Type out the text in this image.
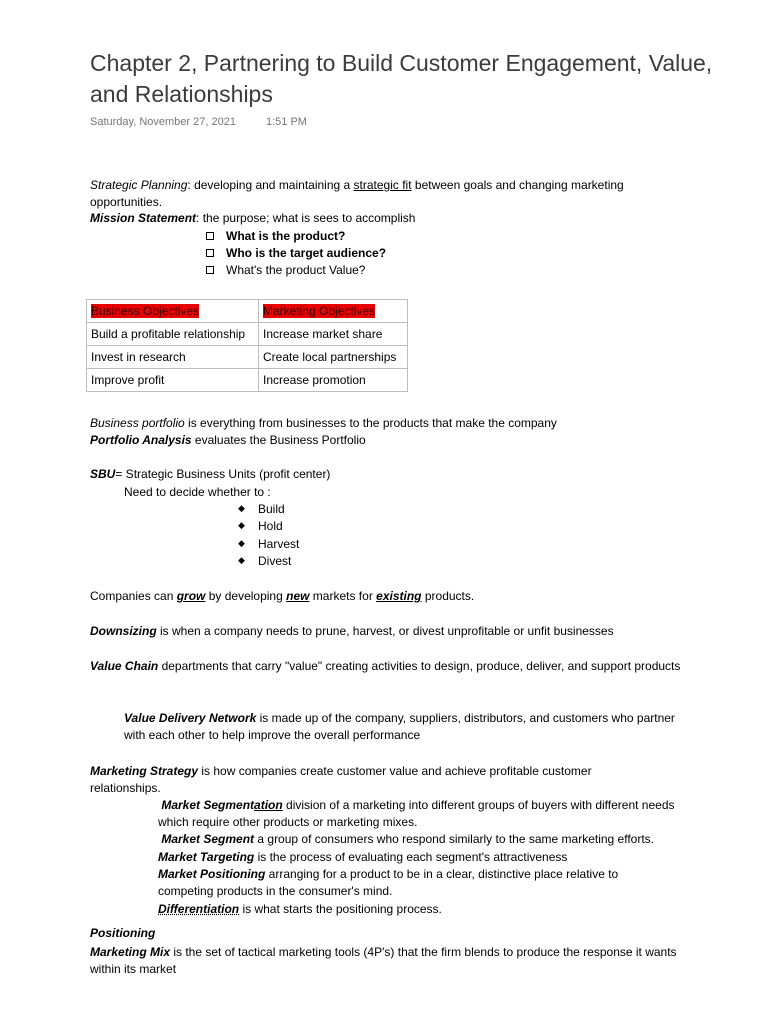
Chapter 2, Partnering to Build Customer Engagement, Value, and Relationships
Saturday, November 27, 2021	1:51 PM
Strategic Planning: developing and maintaining a strategic fit between goals and changing marketing opportunities.
Mission Statement: the purpose; what is sees to accomplish
What is the product?
Who is the target audience?
What's the product Value?
Business Objectives	Marketing Objectives
Build a profitable relationship	Increase market share
Invest in research	Create local partnerships
Improve profit	Increase promotion
Business portfolio is everything from businesses to the products that make the company
Portfolio Analysis evaluates the Business Portfolio
SBU= Strategic Business Units (profit center)
Need to decide whether to :
◆ Build
◆ Hold
◆ Harvest
◆ Divest
Companies can grow by developing new markets for existing products.
Downsizing is when a company needs to prune, harvest, or divest unprofitable or unfit businesses
Value Chain departments that carry "value" creating activities to design, produce, deliver, and support products
Value Delivery Network is made up of the company, suppliers, distributors, and customers who partner with each other to help improve the overall performance
Marketing Strategy is how companies create customer value and achieve profitable customer relationships.
Market Segmentation division of a marketing into different groups of buyers with different needs which require other products or marketing mixes.
Market Segment a group of consumers who respond similarly to the same marketing efforts.
Market Targeting is the process of evaluating each segment's attractiveness
Market Positioning arranging for a product to be in a clear, distinctive place relative to competing products in the consumer's mind.
Differentiation is what starts the positioning process.
Positioning
Marketing Mix is the set of tactical marketing tools (4P's) that the firm blends to produce the response it wants within its market
